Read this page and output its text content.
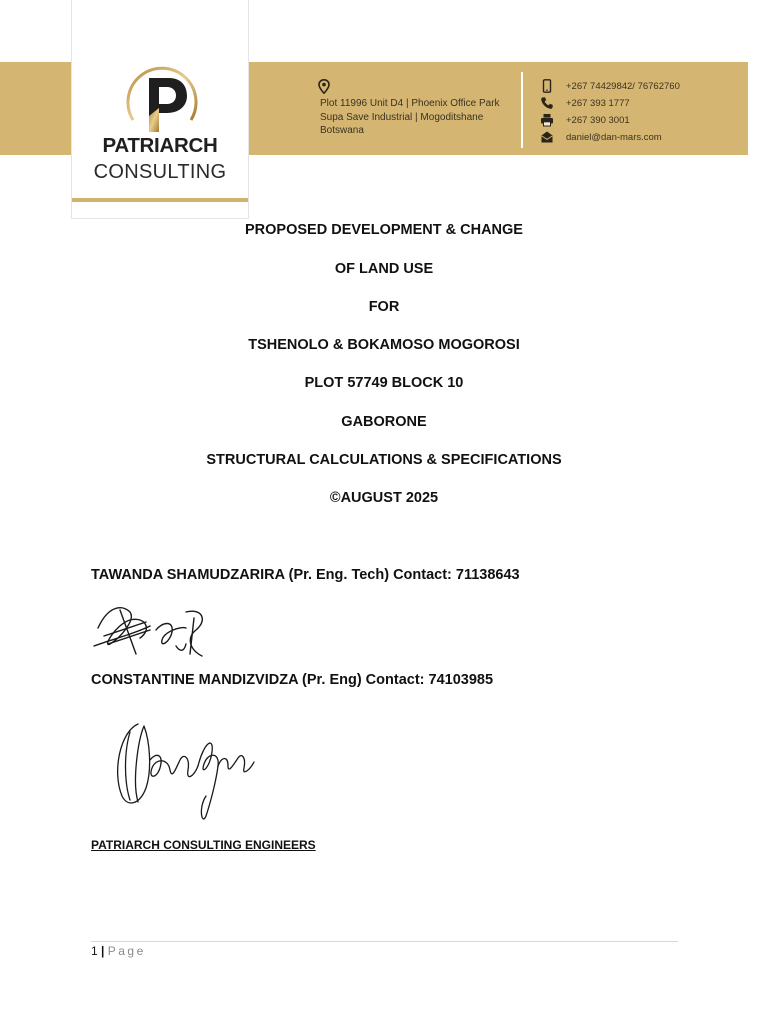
PATRIARCH
CONSULTING
Plot 11996 Unit D4 | Phoenix Office Park
Supa Save Industrial | Mogoditshane
Botswana
+267 74429842/ 76762760
+267 393 1777
+267 390 3001
daniel@dan-mars.com
PROPOSED DEVELOPMENT & CHANGE
OF LAND USE
FOR
TSHENOLO & BOKAMOSO MOGOROSI
PLOT 57749 BLOCK 10
GABORONE
STRUCTURAL CALCULATIONS & SPECIFICATIONS
©AUGUST 2025
TAWANDA SHAMUDZARIRA (Pr. Eng. Tech) Contact: 71138643
CONSTANTINE MANDIZVIDZA (Pr. Eng) Contact: 74103985
PATRIARCH CONSULTING ENGINEERS
1 | Page
